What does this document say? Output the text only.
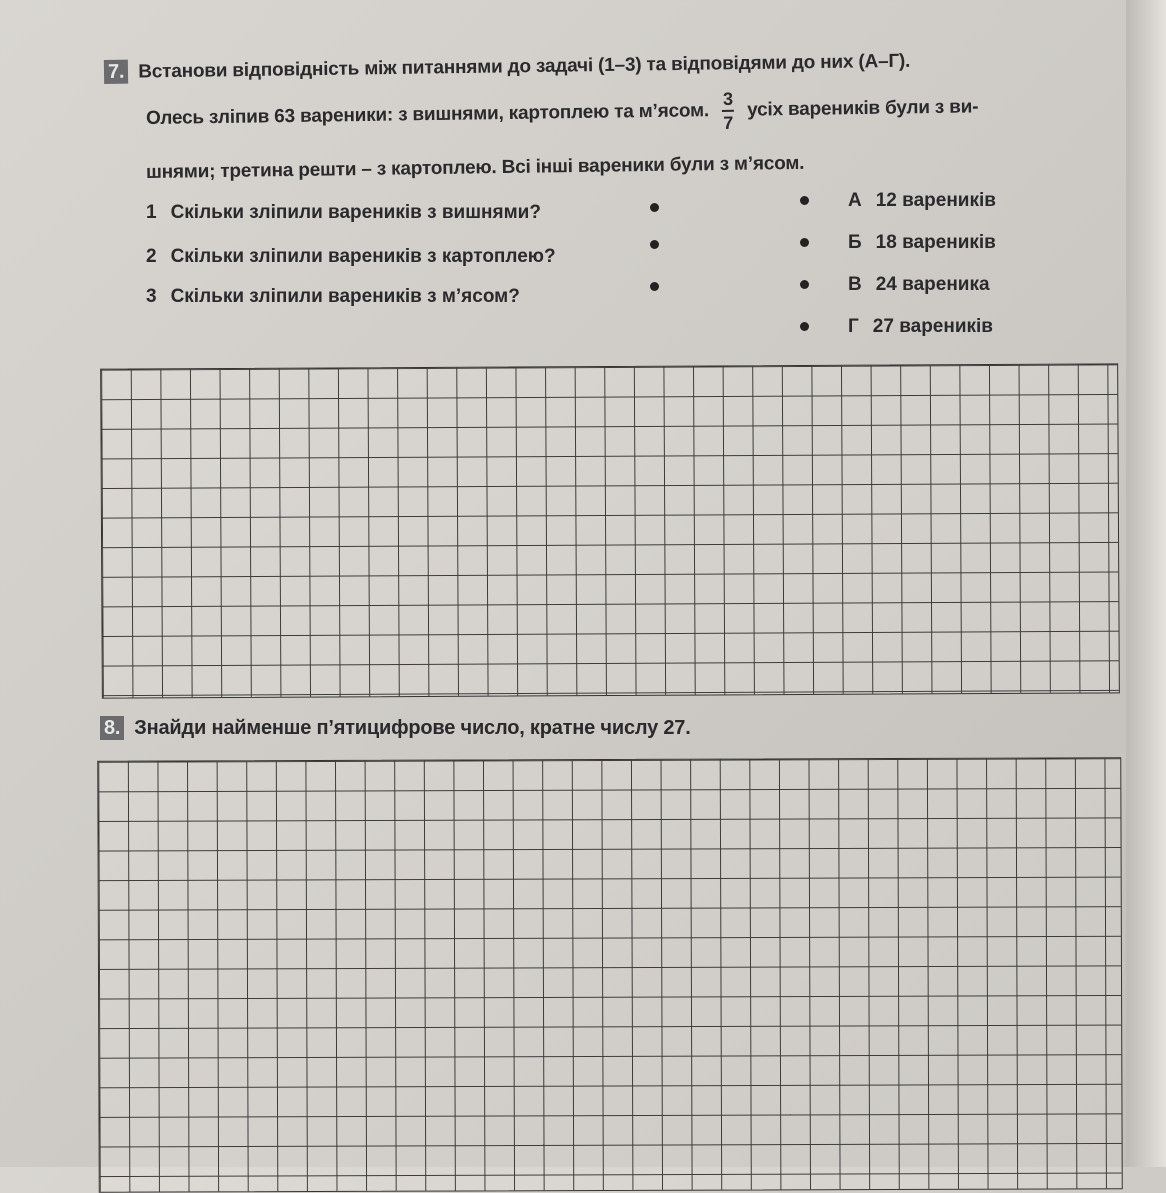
7. Встанови відповідність між питаннями до задачі (1–3) та відповідями до них (А–Г).
Олесь зліпив 63 вареники: з вишнями, картоплею та м’ясом. $\frac{3}{7}$ усіх вареників були з ви-
шнями; третина решти – з картоплею. Всі інші вареники були з м’ясом.
1 Скільки зліпили вареників з вишнями?
2 Скільки зліпили вареників з картоплею?
3 Скільки зліпили вареників з м’ясом?
А 12 вареників
Б 18 вареників
В 24 вареника
Г 27 вареників
8. Знайди найменше п’ятицифрове число, кратне числу 27.
